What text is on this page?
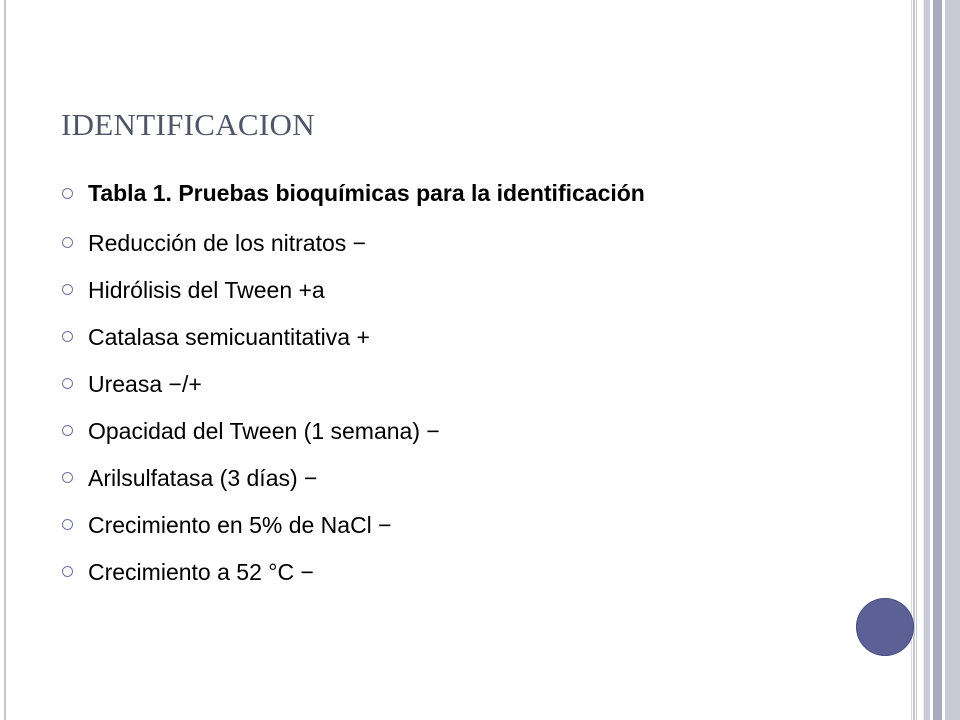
IDENTIFICACION
Tabla 1. Pruebas bioquímicas para la identificación
Reducción de los nitratos −
Hidrólisis del Tween +a
Catalasa semicuantitativa +
Ureasa −/+
Opacidad del Tween (1 semana) −
Arilsulfatasa (3 días) −
Crecimiento en 5% de NaCl −
Crecimiento a 52 °C −
